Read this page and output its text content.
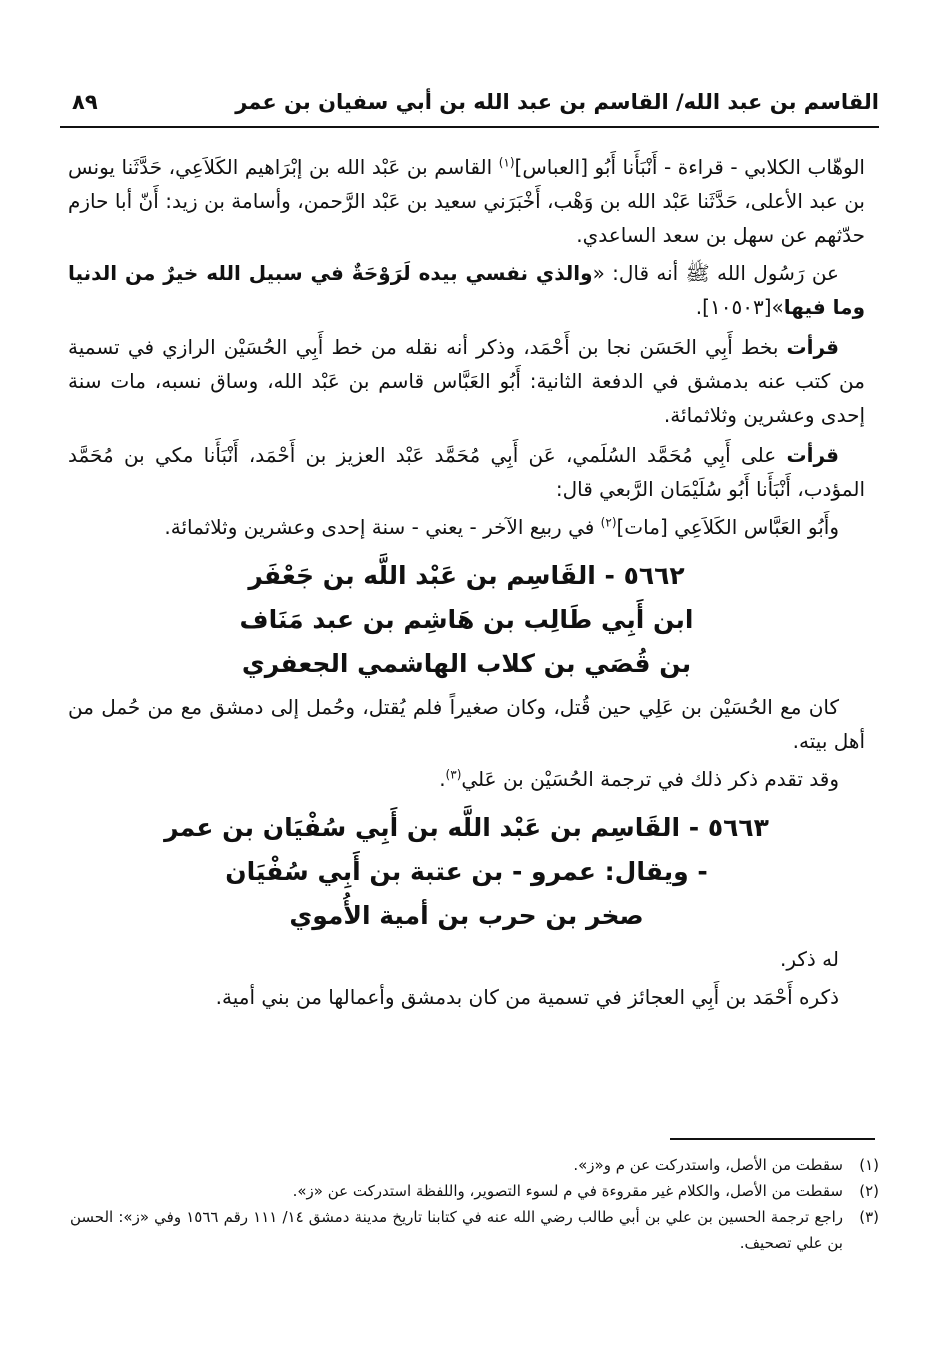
القاسم بن عبد الله/ القاسم بن عبد الله بن أبي سفيان بن عمر
٨٩

الوهّاب الكلابي - قراءة - أَنْبَأَنا أَبُو [العباس]$^{(١)}$ القاسم بن عَبْد الله بن إبْرَاهيم الكَلاَعِي، حَدَّثَنا يونس بن عبد الأعلى، حَدَّثَنا عَبْد الله بن وَهْب، أَخْبَرَني سعيد بن عَبْد الرَّحمن، وأسامة بن زيد: أَنّ أبا حازم حدّثهم عن سهل بن سعد الساعدي.

عن رَسُول الله ﷺ أنه قال: «والذي نفسي بيده لَرَوْحَةٌ في سبيل الله خيرٌ من الدنيا وما فيها»[١٠٥٠٣].

قرأت بخط أَبِي الحَسَن نجا بن أَحْمَد، وذكر أنه نقله من خط أَبِي الحُسَيْن الرازي في تسمية من كتب عنه بدمشق في الدفعة الثانية: أَبُو العَبَّاس قاسم بن عَبْد الله، وساق نسبه، مات سنة إحدى وعشرين وثلاثمائة.

قرأت على أَبِي مُحَمَّد السُلَمي، عَن أَبِي مُحَمَّد عَبْد العزيز بن أَحْمَد، أَنْبَأَنا مكي بن مُحَمَّد المؤدب، أَنْبَأَنا أَبُو سُلَيْمَان الرَّبعي قال:

وأَبُو العَبَّاس الكَلاَعِي [مات]$^{(٢)}$ في ربيع الآخر - يعني - سنة إحدى وعشرين وثلاثمائة.

٥٦٦٢ - القَاسِم بن عَبْد اللَّه بن جَعْفَر
ابن أَبِي طَالِب بن هَاشِم بن عبد مَنَاف
بن قُصَي بن كلاب الهاشمي الجعفري

كان مع الحُسَيْن بن عَلِي حين قُتل، وكان صغيراً فلم يُقتل، وحُمل إلى دمشق مع من حُمل من أهل بيته.

وقد تقدم ذكر ذلك في ترجمة الحُسَيْن بن عَلي$^{(٣)}$.

٥٦٦٣ - القَاسِم بن عَبْد اللَّه بن أَبِي سُفْيَان بن عمر
- ويقال: عمرو - بن عتبة بن أَبِي سُفْيَان
صخر بن حرب بن أمية الأُموي

له ذكر.

ذكره أَحْمَد بن أَبِي العجائز في تسمية من كان بدمشق وأعمالها من بني أمية.

(١)
سقطت من الأصل، واستدركت عن م و«ز».
(٢)
سقطت من الأصل، والكلام غير مقروءة في م لسوء التصوير، واللفظة استدركت عن «ز».
(٣)
راجع ترجمة الحسين بن علي بن أبي طالب رضي الله عنه في كتابنا تاريخ مدينة دمشق ١٤/ ١١١ رقم ١٥٦٦ وفي «ز»: الحسن بن علي تصحيف.
